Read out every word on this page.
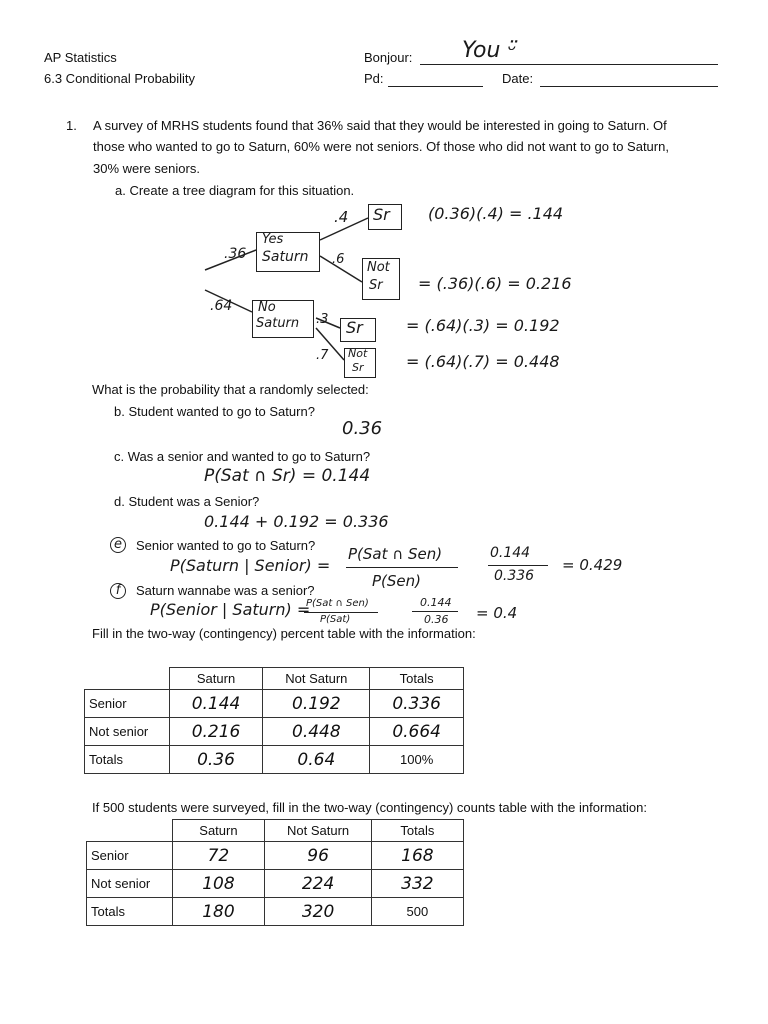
AP Statistics
6.3 Conditional Probability
Bonjour: You ᵕ̈
Pd:	Date:
1. A survey of MRHS students found that 36% said that they would be interested in going to Saturn. Of
those who wanted to go to Saturn, 60% were not seniors. Of those who did not want to go to Saturn,
30% were seniors.
a. Create a tree diagram for this situation.
.36
.64
Yes
Saturn
No
Saturn
.4
.6
.3
.7
Sr
Not
Sr
Sr
Not
Sr
(0.36)(.4) = .144
= (.36)(.6) = 0.216
= (.64)(.3) = 0.192
= (.64)(.7) = 0.448
What is the probability that a randomly selected:
b. Student wanted to go to Saturn?
0.36
c. Was a senior and wanted to go to Saturn?
P(Sat ∩ Sr) = 0.144
d. Student was a Senior?
0.144 + 0.192 = 0.336
e	Senior wanted to go to Saturn?
P(Saturn | Senior) =
P(Sat ∩ Sen)
P(Sen)
0.144
0.336
= 0.429
f	Saturn wannabe was a senior?
P(Senior | Saturn) =
P(Sat ∩ Sen)
P(Sat)
0.144
0.36 = 0.4
Fill in the two-way (contingency) percent table with the information:
	Saturn	Not Saturn	Totals
Senior	0.144	0.192	0.336
Not senior	0.216	0.448	0.664
Totals	0.36	0.64	100%
If 500 students were surveyed, fill in the two-way (contingency) counts table with the information:
	Saturn	Not Saturn	Totals
Senior	72	96	168
Not senior	108	224	332
Totals	180	320	500
